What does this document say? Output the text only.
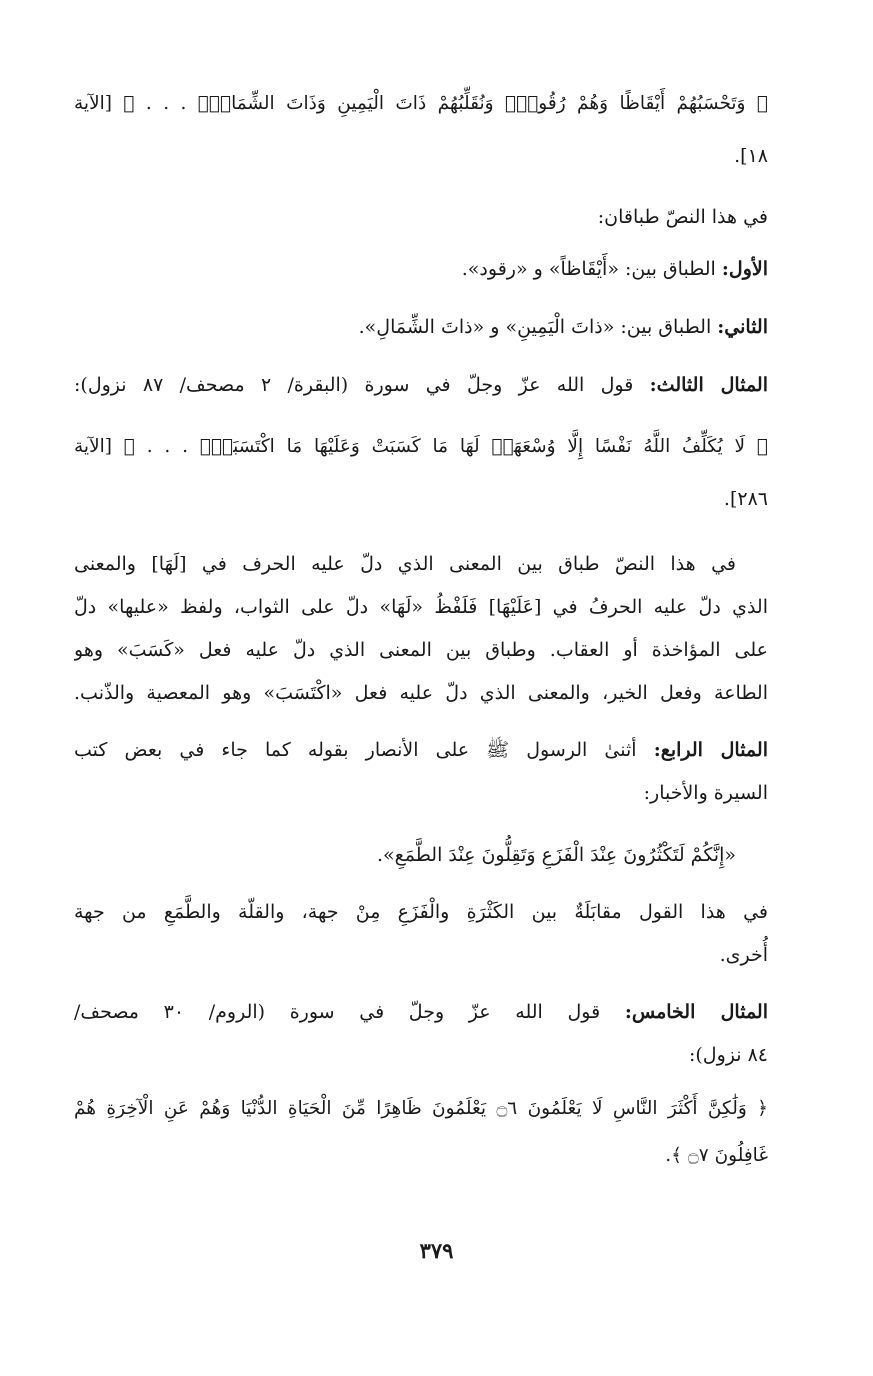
﴿ وَتَحْسَبُهُمْ أَيْقَاظًا وَهُمْ رُقُودٌۚ وَنُقَلِّبُهُمْ ذَاتَ الْيَمِينِ وَذَاتَ الشِّمَالِۖ . . . ﴾ [الآية
١٨].
في هذا النصّ طباقان:
الأول: الطباق بين: «أَيْقَاظاً» و «رقود».
الثاني: الطباق بين: «ذاتَ الْيَمِينِ» و «ذاتَ الشِّمَالِ».
المثال الثالث: قول الله عزّ وجلّ في سورة (البقرة/ ٢ مصحف/ ٨٧ نزول):
﴿ لَا يُكَلِّفُ اللَّهُ نَفْسًا إِلَّا وُسْعَهَاۚ لَهَا مَا كَسَبَتْ وَعَلَيْهَا مَا اكْتَسَبَتْۗ . . . ﴾ [الآية
٢٨٦].
في هذا النصّ طباق بين المعنى الذي دلّ عليه الحرف في [لَهَا] والمعنى
الذي دلّ عليه الحرفُ في [عَلَيْهَا] فَلَفْظُ «لَهَا» دلّ على الثواب، ولفظ «عليها» دلّ
على المؤاخذة أو العقاب. وطباق بين المعنى الذي دلّ عليه فعل «كَسَبَ» وهو
الطاعة وفعل الخير، والمعنى الذي دلّ عليه فعل «اكْتَسَبَ» وهو المعصية والذّنب.
المثال الرابع: أثنىٰ الرسول ﷺ على الأنصار بقوله كما جاء في بعض كتب
السيرة والأخبار:
«إِنَّكُمْ لَتَكْثُرُونَ عِنْدَ الْفَزَعِ وَتَقِلُّونَ عِنْدَ الطَّمَعِ».
في هذا القول مقابَلَةٌ بين الكَثْرَةِ والْفَزَعِ مِنْ جهة، والقلّة والطَّمَعِ من جهة
أُخرى.
المثال الخامس: قول الله عزّ وجلّ في سورة (الروم/ ٣٠ مصحف/
٨٤ نزول):
﴿ وَلَٰكِنَّ أَكْثَرَ النَّاسِ لَا يَعْلَمُونَ ۝٦ يَعْلَمُونَ ظَاهِرًا مِّنَ الْحَيَاةِ الدُّنْيَا وَهُمْ عَنِ الْآخِرَةِ هُمْ
غَافِلُونَ ۝٧ ﴾.
٣٧٩
